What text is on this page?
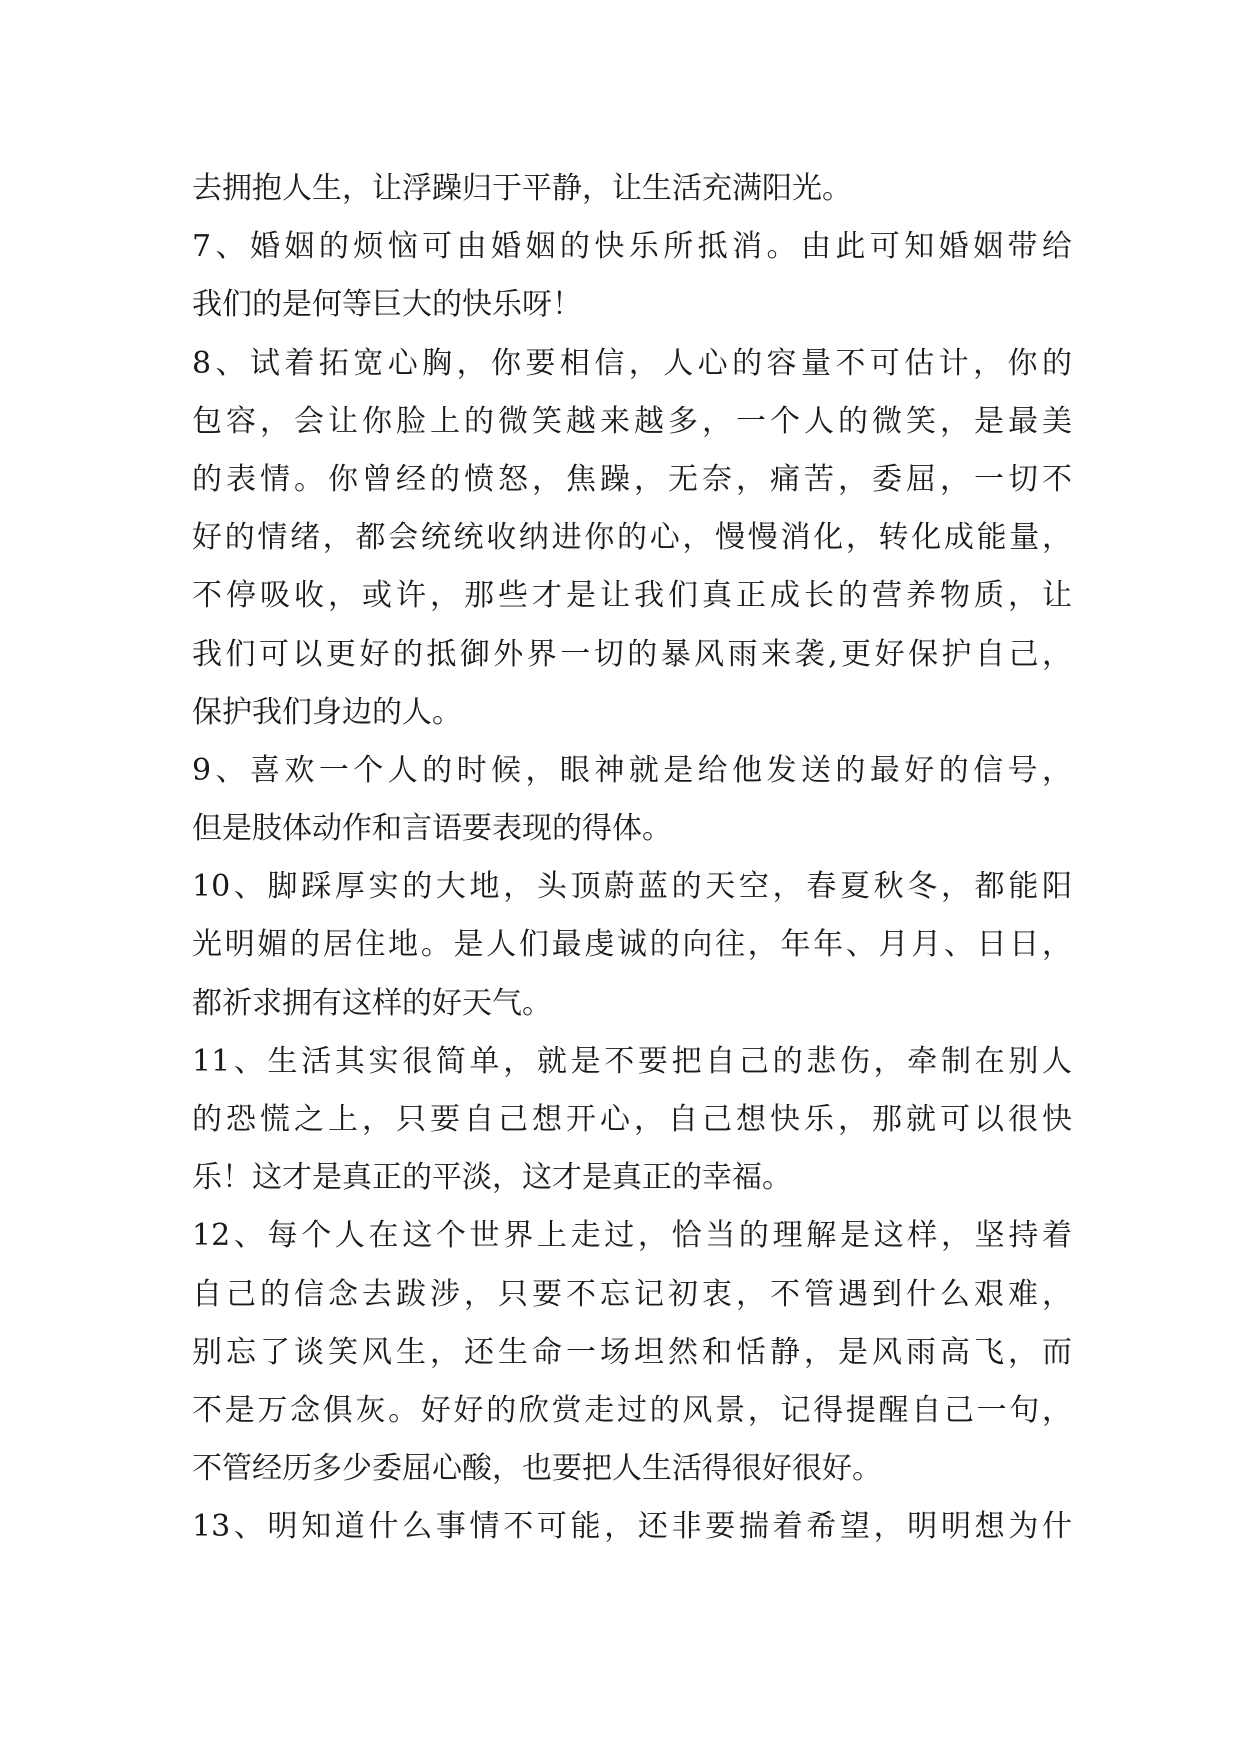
去拥抱人生，让浮躁归于平静，让生活充满阳光。
7、婚姻的烦恼可由婚姻的快乐所抵消。由此可知婚姻带给
我们的是何等巨大的快乐呀！
8、试着拓宽心胸，你要相信，人心的容量不可估计，你的
包容，会让你脸上的微笑越来越多，一个人的微笑，是最美
的表情。你曾经的愤怒，焦躁，无奈，痛苦，委屈，一切不
好的情绪，都会统统收纳进你的心，慢慢消化，转化成能量，
不停吸收，或许，那些才是让我们真正成长的营养物质，让
我们可以更好的抵御外界一切的暴风雨来袭,更好保护自己，
保护我们身边的人。
9、喜欢一个人的时候，眼神就是给他发送的最好的信号，
但是肢体动作和言语要表现的得体。
10、脚踩厚实的大地，头顶蔚蓝的天空，春夏秋冬，都能阳
光明媚的居住地。是人们最虔诚的向往，年年、月月、日日，
都祈求拥有这样的好天气。
11、生活其实很简单，就是不要把自己的悲伤，牵制在别人
的恐慌之上，只要自己想开心，自己想快乐，那就可以很快
乐！这才是真正的平淡，这才是真正的幸福。
12、每个人在这个世界上走过，恰当的理解是这样，坚持着
自己的信念去跋涉，只要不忘记初衷，不管遇到什么艰难，
别忘了谈笑风生，还生命一场坦然和恬静，是风雨高飞，而
不是万念俱灰。好好的欣赏走过的风景，记得提醒自己一句，
不管经历多少委屈心酸，也要把人生活得很好很好。
13、明知道什么事情不可能，还非要揣着希望，明明想为什
